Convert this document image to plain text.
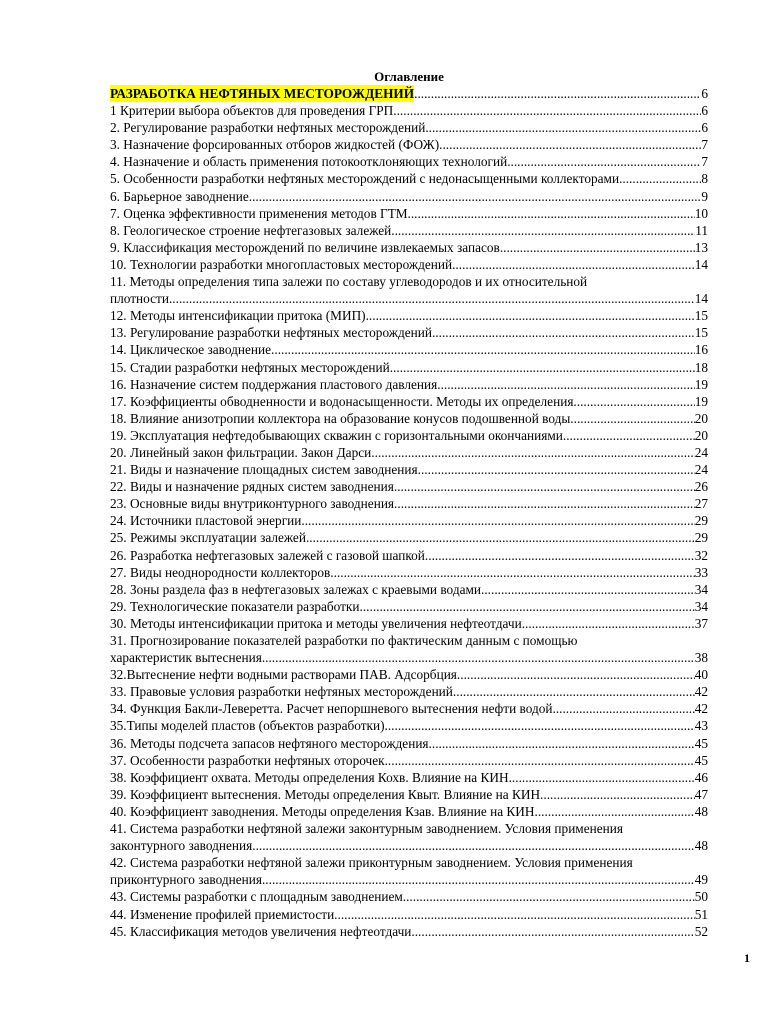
Оглавление
РАЗРАБОТКА НЕФТЯНЫХ МЕСТОРОЖДЕНИЙ .....	6
1 Критерии выбора объектов для проведения ГРП. .....	6
2. Регулирование разработки нефтяных месторождений. .....	6
3. Назначение форсированных отборов жидкостей (ФОЖ). .....	7
4. Назначение и область применения потокоотклоняющих технологий. .....	7
5. Особенности разработки нефтяных месторождений с недонасыщенными коллекторами. .....	8
6. Барьерное заводнение. .....	9
7. Оценка эффективности применения методов ГТМ. .....	10
8. Геологическое строение нефтегазовых залежей. .....	11
9. Классификация месторождений по величине извлекаемых запасов. .....	13
10. Технологии разработки многопластовых месторождений. .....	14
11. Методы определения типа залежи по составу углеводородов и их относительной
плотности. .....	14
12. Методы интенсификации притока (МИП). .....	15
13. Регулирование разработки нефтяных месторождений. .....	15
14. Циклическое заводнение. .....	16
15. Стадии разработки нефтяных месторождений. .....	18
16. Назначение систем поддержания пластового давления. .....	19
17. Коэффициенты обводненности и водонасыщенности. Методы их определения. .....	19
18. Влияние анизотропии коллектора на образование конусов подошвенной воды. .....	20
19. Эксплуатация нефтедобывающих скважин с горизонтальными окончаниями. .....	20
20. Линейный закон фильтрации. Закон Дарси. .....	24
21. Виды и назначение площадных систем заводнения. .....	24
22. Виды и назначение рядных систем заводнения. .....	26
23. Основные виды внутриконтурного заводнения. .....	27
24. Источники пластовой энергии. .....	29
25. Режимы эксплуатации залежей. .....	29
26. Разработка нефтегазовых залежей с газовой шапкой. .....	32
27. Виды неоднородности коллекторов. .....	33
28. Зоны раздела фаз в нефтегазовых залежах с краевыми водами. .....	34
29. Технологические показатели разработки. .....	34
30. Методы интенсификации притока и методы увеличения нефтеотдачи. .....	37
31. Прогнозирование показателей разработки по фактическим данным с помощью
характеристик вытеснения. .....	38
32.Вытеснение нефти водными растворами ПАВ. Адсорбция. .....	40
33. Правовые условия разработки нефтяных месторождений. .....	42
34. Функция Бакли-Леверетта. Расчет непоршневого вытеснения нефти водой. .....	42
35.Типы моделей пластов (объектов разработки). .....	43
36. Методы подсчета запасов нефтяного месторождения. .....	45
37. Особенности разработки нефтяных оторочек. .....	45
38. Коэффициент охвата. Методы определения Кохв. Влияние на КИН. .....	46
39. Коэффициент вытеснения. Методы определения Квыт. Влияние на КИН. .....	47
40. Коэффициент заводнения. Методы определения Кзав. Влияние на КИН. .....	48
41. Система разработки нефтяной залежи законтурным заводнением. Условия применения
законтурного заводнения. .....	48
42. Система разработки нефтяной залежи приконтурным заводнением. Условия применения
приконтурного заводнения. .....	49
43. Системы разработки с площадным заводнением. .....	50
44. Изменение профилей приемистости. .....	51
45. Классификация методов увеличения нефтеотдачи. .....	52
1
